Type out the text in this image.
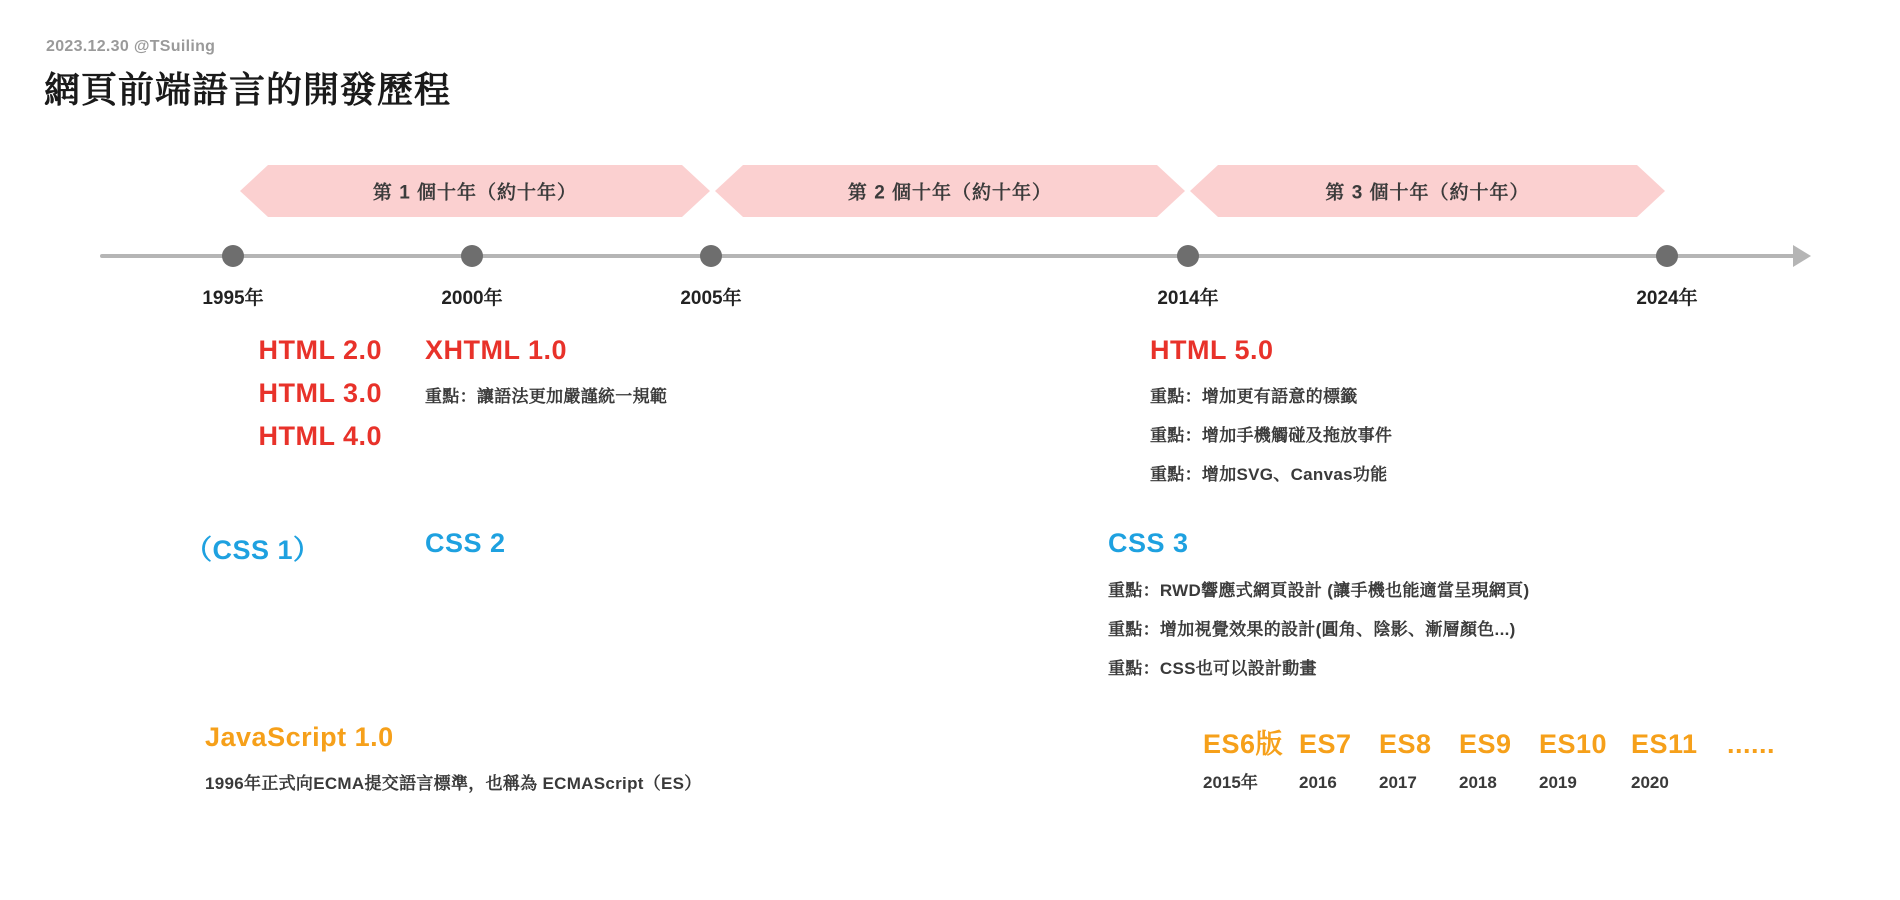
2023.12.30 @TSuiling
網頁前端語言的開發歷程
第 1 個十年（約十年）	第 2 個十年（約十年）	第 3 個十年（約十年）
1995年	2000年	2005年	2014年	2024年
HTML 2.0
HTML 3.0
HTML 4.0
XHTML 1.0
重點：讓語法更加嚴謹統一規範
HTML 5.0
重點：增加更有語意的標籤
重點：增加手機觸碰及拖放事件
重點：增加SVG、Canvas功能
（CSS 1）	CSS 2	CSS 3
重點：RWD響應式網頁設計 (讓手機也能適當呈現網頁)
重點：增加視覺效果的設計(圓角、陰影、漸層顏色...)
重點：CSS也可以設計動畫
JavaScript 1.0
1996年正式向ECMA提交語言標準，也稱為 ECMAScript（ES）
ES6版 ES7	ES8	ES9	ES10 ES11	......
2015年	2016	2017	2018	2019	2020
